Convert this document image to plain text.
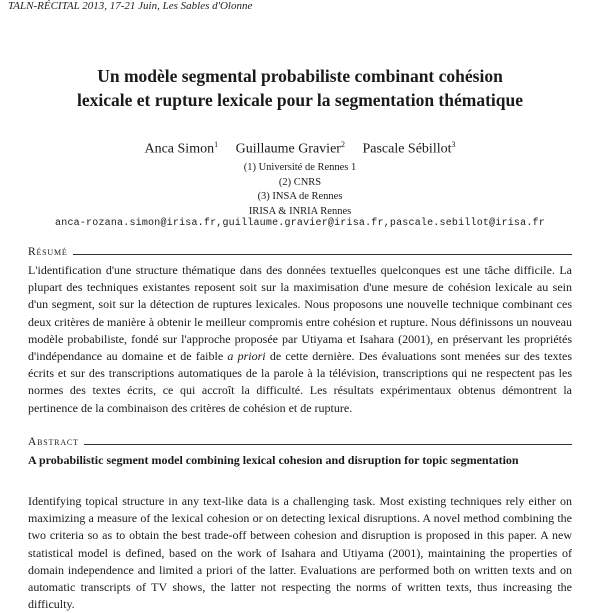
TALN-RÉCITAL 2013, 17-21 Juin, Les Sables d'Olonne
Un modèle segmental probabiliste combinant cohésion
lexicale et rupture lexicale pour la segmentation thématique
Anca Simon$^1$ Guillaume Gravier$^2$ Pascale Sébillot$^3$
(1) Université de Rennes 1
(2) CNRS
(3) INSA de Rennes
IRISA & INRIA Rennes
anca-rozana.simon@irisa.fr,guillaume.gravier@irisa.fr,pascale.sebillot@irisa.fr
Résumé
L'identification d'une structure thématique dans des données textuelles quelconques est une tâche difficile. La plupart des techniques existantes reposent soit sur la maximisation d'une mesure de cohésion lexicale au sein d'un segment, soit sur la détection de ruptures lexicales. Nous proposons une nouvelle technique combinant ces deux critères de manière à obtenir le meilleur compromis entre cohésion et rupture. Nous définissons un nouveau modèle probabiliste, fondé sur l'approche proposée par Utiyama et Isahara (2001), en préservant les propriétés d'indépendance au domaine et de faible a priori de cette dernière. Des évaluations sont menées sur des textes écrits et sur des transcriptions automatiques de la parole à la télévision, transcriptions qui ne respectent pas les normes des textes écrits, ce qui accroît la difficulté. Les résultats expérimentaux obtenus démontrent la pertinence de la combinaison des critères de cohésion et de rupture.
Abstract
A probabilistic segment model combining lexical cohesion and disruption for topic segmentation
Identifying topical structure in any text-like data is a challenging task. Most existing techniques rely either on maximizing a measure of the lexical cohesion or on detecting lexical disruptions. A novel method combining the two criteria so as to obtain the best trade-off between cohesion and disruption is proposed in this paper. A new statistical model is defined, based on the work of Isahara and Utiyama (2001), maintaining the properties of domain independence and limited a priori of the latter. Evaluations are performed both on written texts and on automatic transcripts of TV shows, the latter not respecting the norms of written texts, thus increasing the difficulty.
